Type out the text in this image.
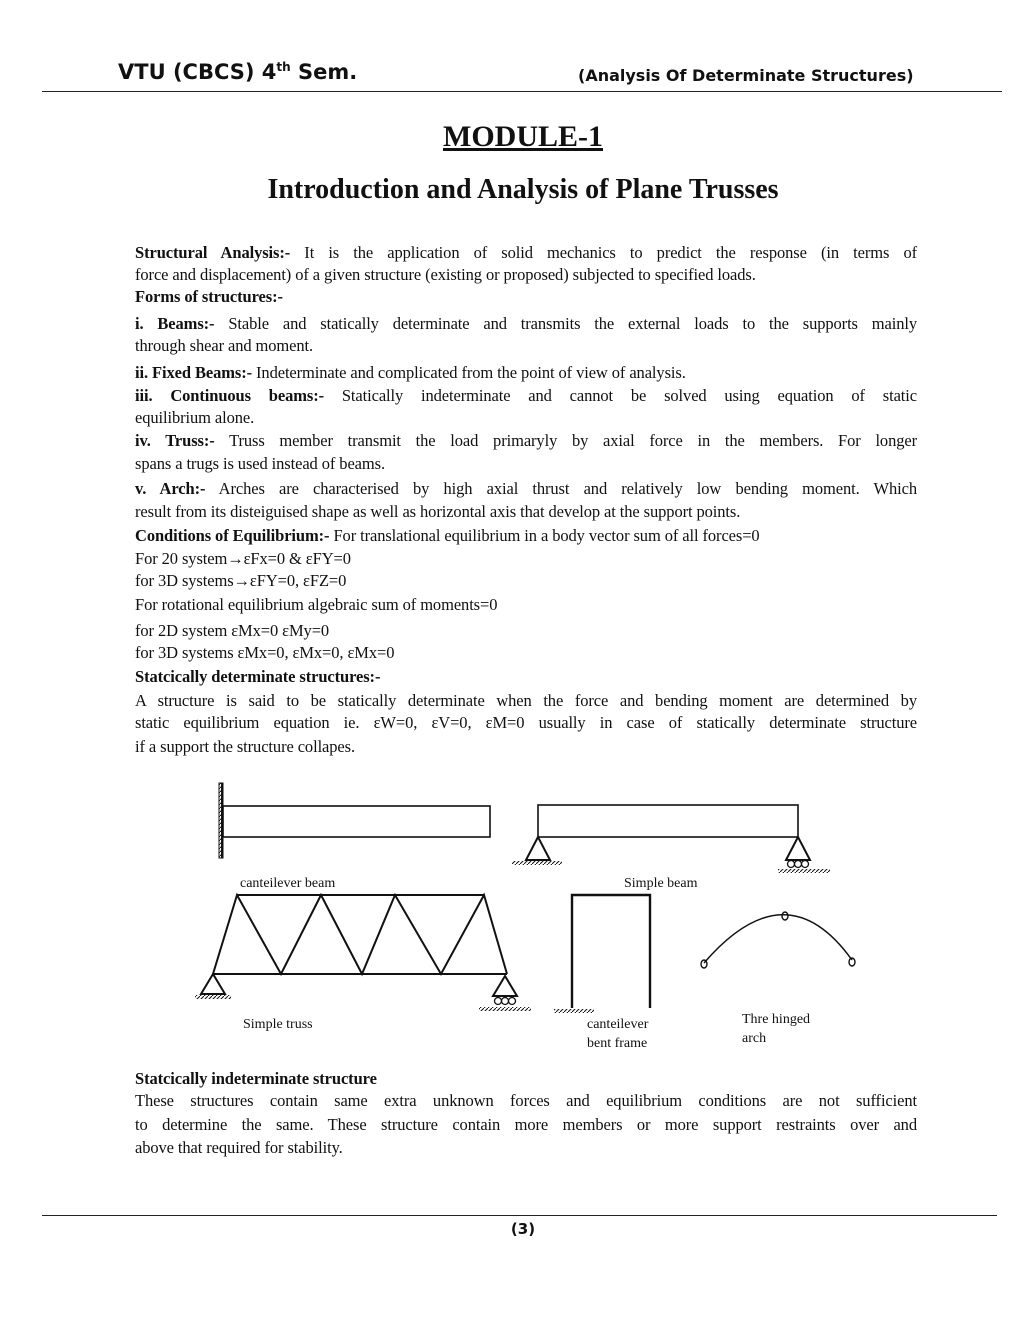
VTU (CBCS) 4th Sem.	(Analysis Of Determinate Structures)
MODULE-1
Introduction and Analysis of Plane Trusses
Structural Analysis:- It is the application of solid mechanics to predict the response (in terms of
force and displacement) of a given structure (existing or proposed) subjected to specified loads.
Forms of structures:-
i. Beams:- Stable and statically determinate and transmits the external loads to the supports mainly
through shear and moment.
ii. Fixed Beams:- Indeterminate and complicated from the point of view of analysis.
iii. Continuous beams:- Statically indeterminate and cannot be solved using equation of static
equilibrium alone.
iv. Truss:- Truss member transmit the load primaryly by axial force in the members. For longer
spans a trugs is used instead of beams.
v. Arch:- Arches are characterised by high axial thrust and relatively low bending moment. Which
result from its disteiguised shape as well as horizontal axis that develop at the support points.
Conditions of Equilibrium:- For translational equilibrium in a body vector sum of all forces=0
For 20 system→εFx=0 & εFY=0
for 3D systems→εFY=0, εFZ=0
For rotational equilibrium algebraic sum of moments=0
for 2D system εMx=0 εMy=0
for 3D systems εMx=0, εMx=0, εMx=0
Statcically determinate structures:-
A structure is said to be statically determinate when the force and bending moment are determined by
static equilibrium equation ie. εW=0, εV=0, εM=0 usually in case of statically determinate structure
if a support the structure collapes.
canteilever beam	Simple beam
Simple truss	canteilever
bent frame
Thre hinged
arch
Statcically indeterminate structure
These structures contain same extra unknown forces and equilibrium conditions are not sufficient
to determine the same. These structure contain more members or more support restraints over and
above that required for stability.
(3)
